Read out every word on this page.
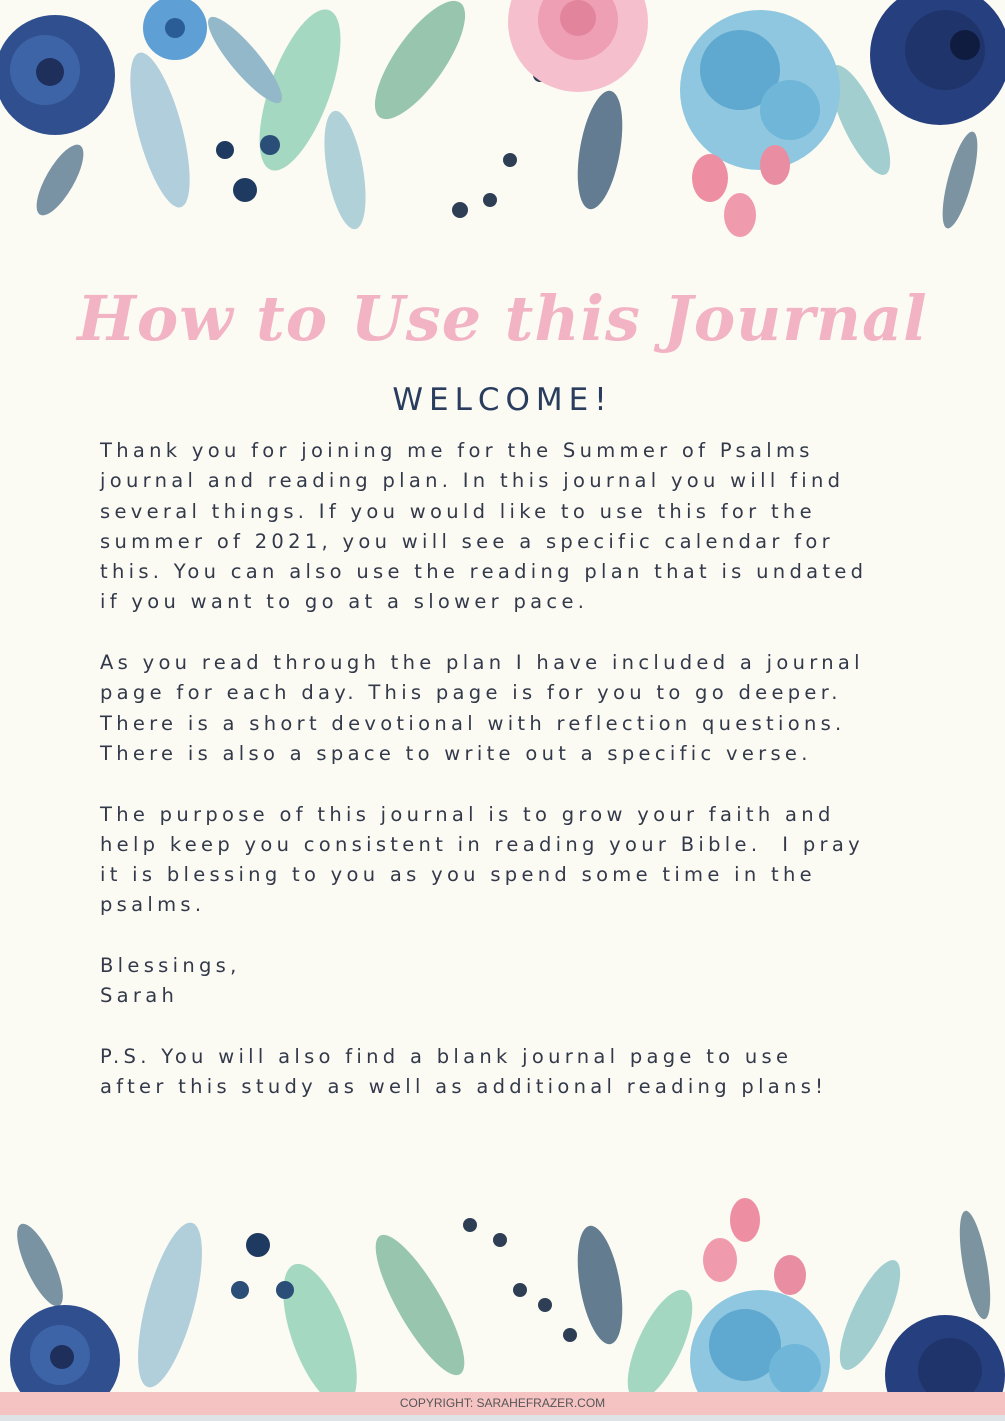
How to Use this Journal
WELCOME!
Thank you for joining me for the Summer of Psalms
journal and reading plan. In this journal you will find
several things. If you would like to use this for the
summer of 2021, you will see a specific calendar for
this. You can also use the reading plan that is undated
if you want to go at a slower pace.
As you read through the plan I have included a journal
page for each day. This page is for you to go deeper.
There is a short devotional with reflection questions.
There is also a space to write out a specific verse.
The purpose of this journal is to grow your faith and
help keep you consistent in reading your Bible.  I pray
it is blessing to you as you spend some time in the
psalms.
Blessings,
Sarah
P.S. You will also find a blank journal page to use
after this study as well as additional reading plans!
COPYRIGHT: SARAHEFRAZER.COM
